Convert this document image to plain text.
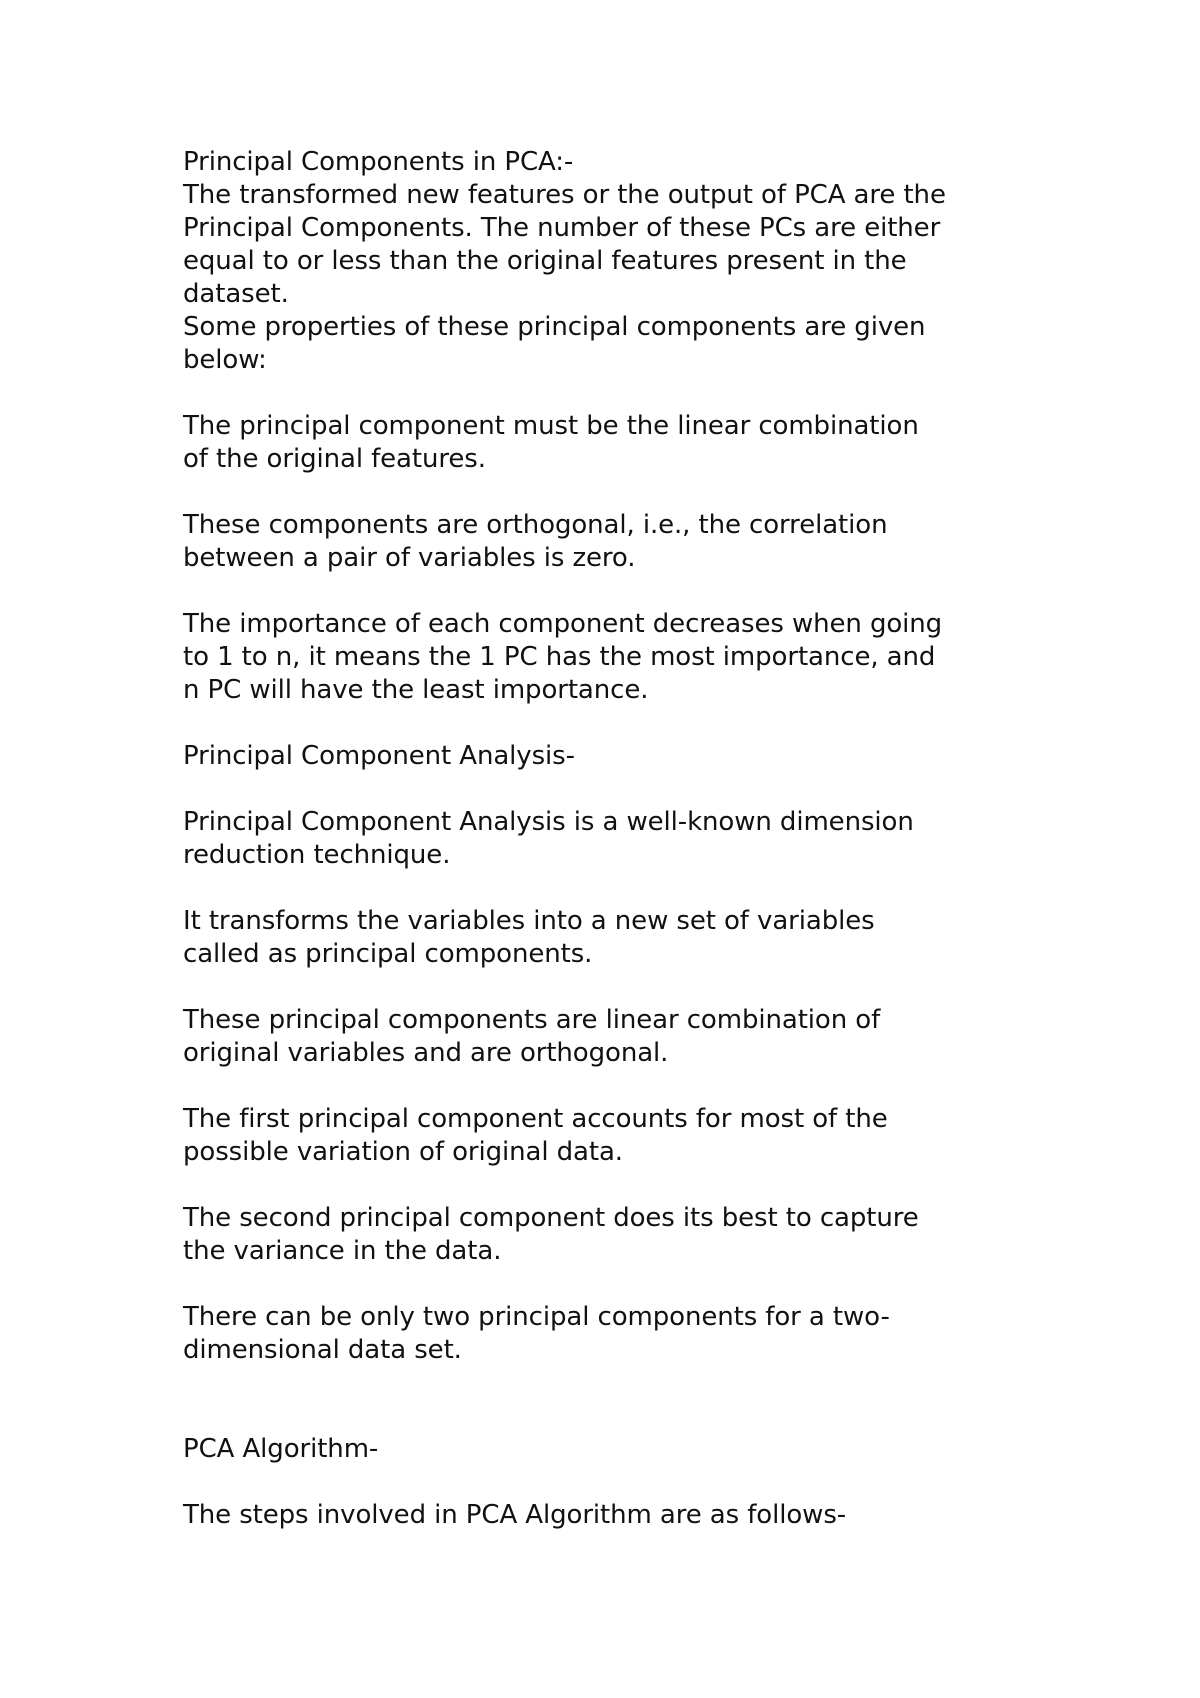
Principal Components in PCA:-
The transformed new features or the output of PCA are the
Principal Components. The number of these PCs are either
equal to or less than the original features present in the
dataset.
Some properties of these principal components are given
below:
The principal component must be the linear combination
of the original features.
These components are orthogonal, i.e., the correlation
between a pair of variables is zero.
The importance of each component decreases when going
to 1 to n, it means the 1 PC has the most importance, and
n PC will have the least importance.
Principal Component Analysis-
Principal Component Analysis is a well-known dimension
reduction technique.
It transforms the variables into a new set of variables
called as principal components.
These principal components are linear combination of
original variables and are orthogonal.
The first principal component accounts for most of the
possible variation of original data.
The second principal component does its best to capture
the variance in the data.
There can be only two principal components for a two-
dimensional data set.
PCA Algorithm-
The steps involved in PCA Algorithm are as follows-
